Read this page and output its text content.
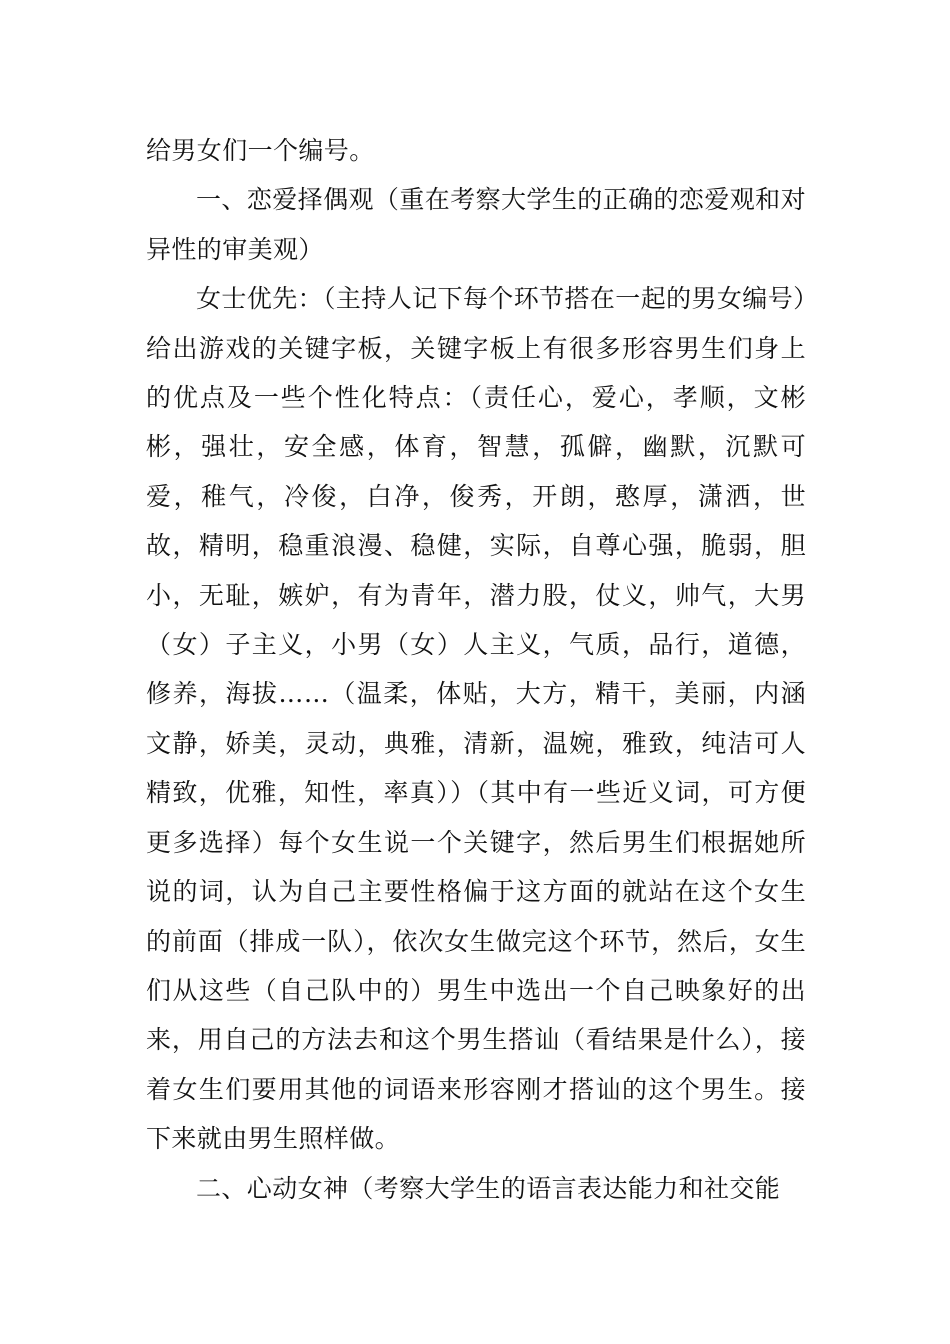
给男女们一个编号。

一、恋爱择偶观（重在考察大学生的正确的恋爱观和对异性的审美观）

女士优先：（主持人记下每个环节搭在一起的男女编号）给出游戏的关键字板，关键字板上有很多形容男生们身上的优点及一些个性化特点：（责任心，爱心，孝顺，文彬彬，强壮，安全感，体育，智慧，孤僻，幽默，沉默可爱，稚气，冷俊，白净，俊秀，开朗，憨厚，潇洒，世故，精明，稳重浪漫、稳健，实际，自尊心强，脆弱，胆小，无耻，嫉妒，有为青年，潜力股，仗义，帅气，大男（女）子主义，小男（女）人主义，气质，品行，道德，修养，海拔……（温柔，体贴，大方，精干，美丽，内涵文静，娇美，灵动，典雅，清新，温婉，雅致，纯洁可人精致，优雅，知性，率真））（其中有一些近义词，可方便更多选择）每个女生说一个关键字，然后男生们根据她所说的词，认为自己主要性格偏于这方面的就站在这个女生的前面（排成一队），依次女生做完这个环节，然后，女生们从这些（自己队中的）男生中选出一个自己映象好的出来，用自己的方法去和这个男生搭讪（看结果是什么），接着女生们要用其他的词语来形容刚才搭讪的这个男生。接下来就由男生照样做。

二、心动女神（考察大学生的语言表达能力和社交能
